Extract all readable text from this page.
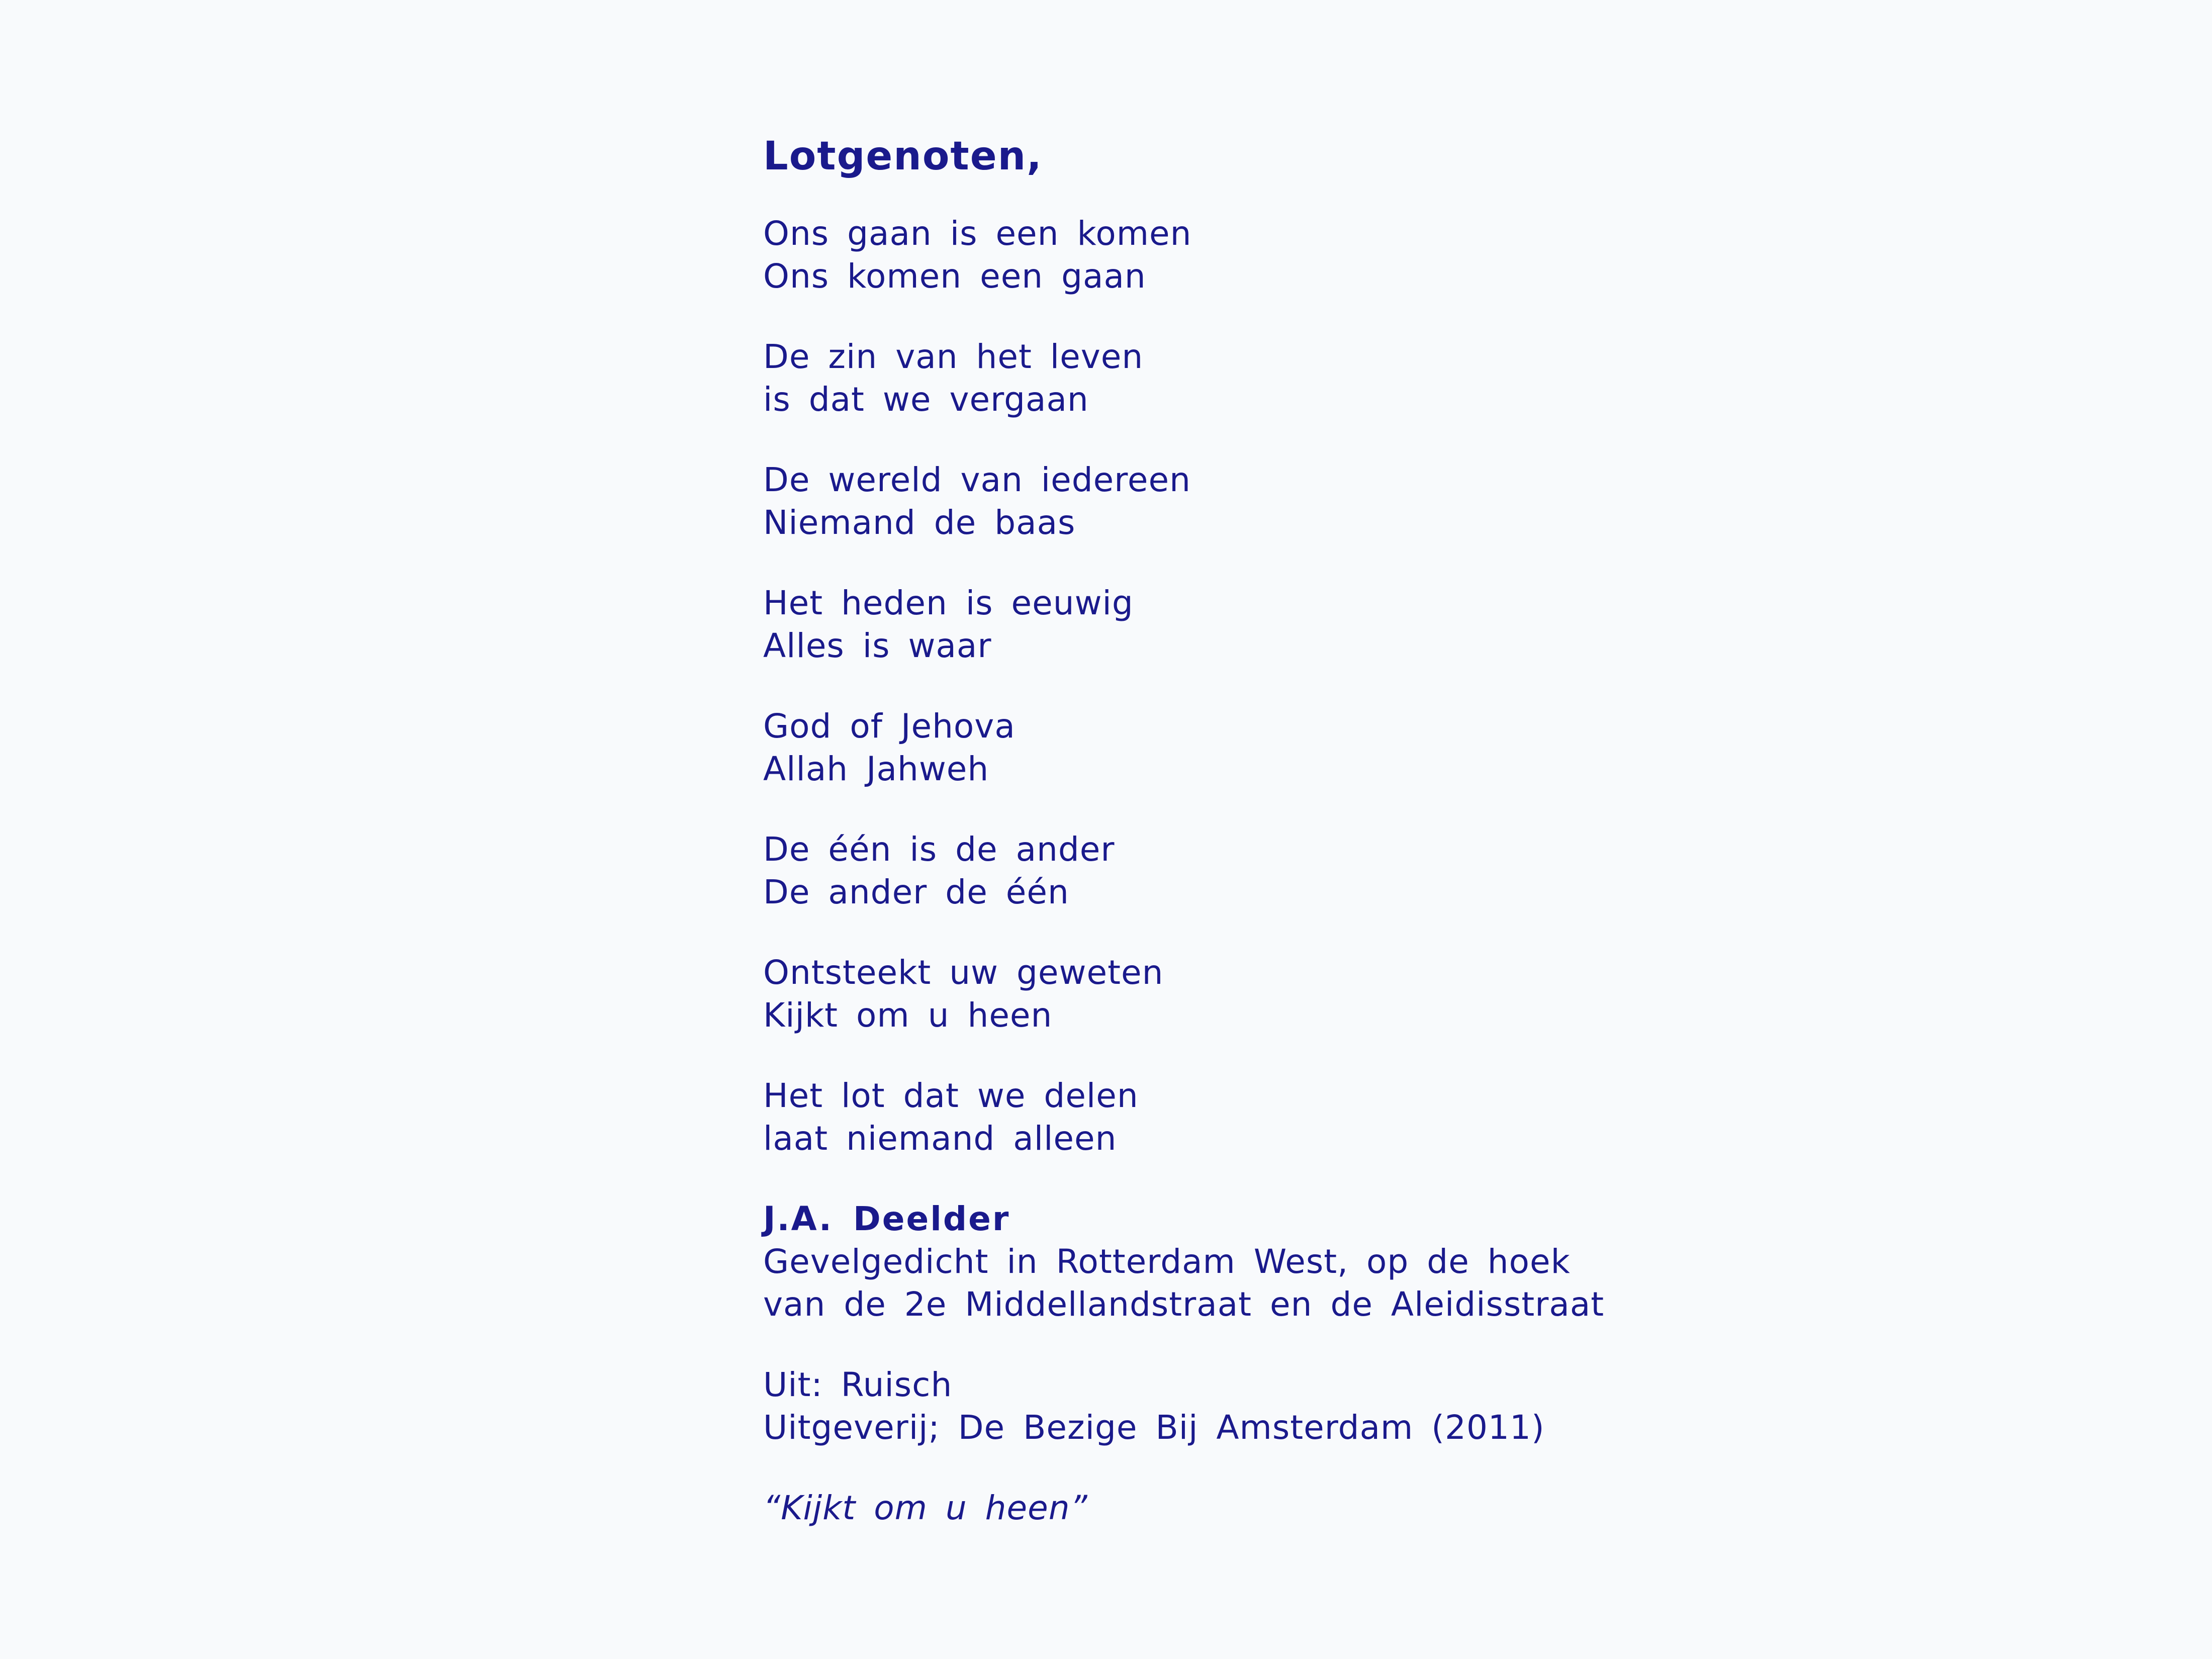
Lotgenoten,
Ons gaan is een komen
Ons komen een gaan
De zin van het leven
is dat we vergaan
De wereld van iedereen
Niemand de baas
Het heden is eeuwig
Alles is waar
God of Jehova
Allah Jahweh
De één is de ander
De ander de één
Ontsteekt uw geweten
Kijkt om u heen
Het lot dat we delen
laat niemand alleen
J.A. Deelder
Gevelgedicht in Rotterdam West, op de hoek
van de 2e Middellandstraat en de Aleidisstraat
Uit: Ruisch
Uitgeverij; De Bezige Bij Amsterdam (2011)
“Kijkt om u heen”
